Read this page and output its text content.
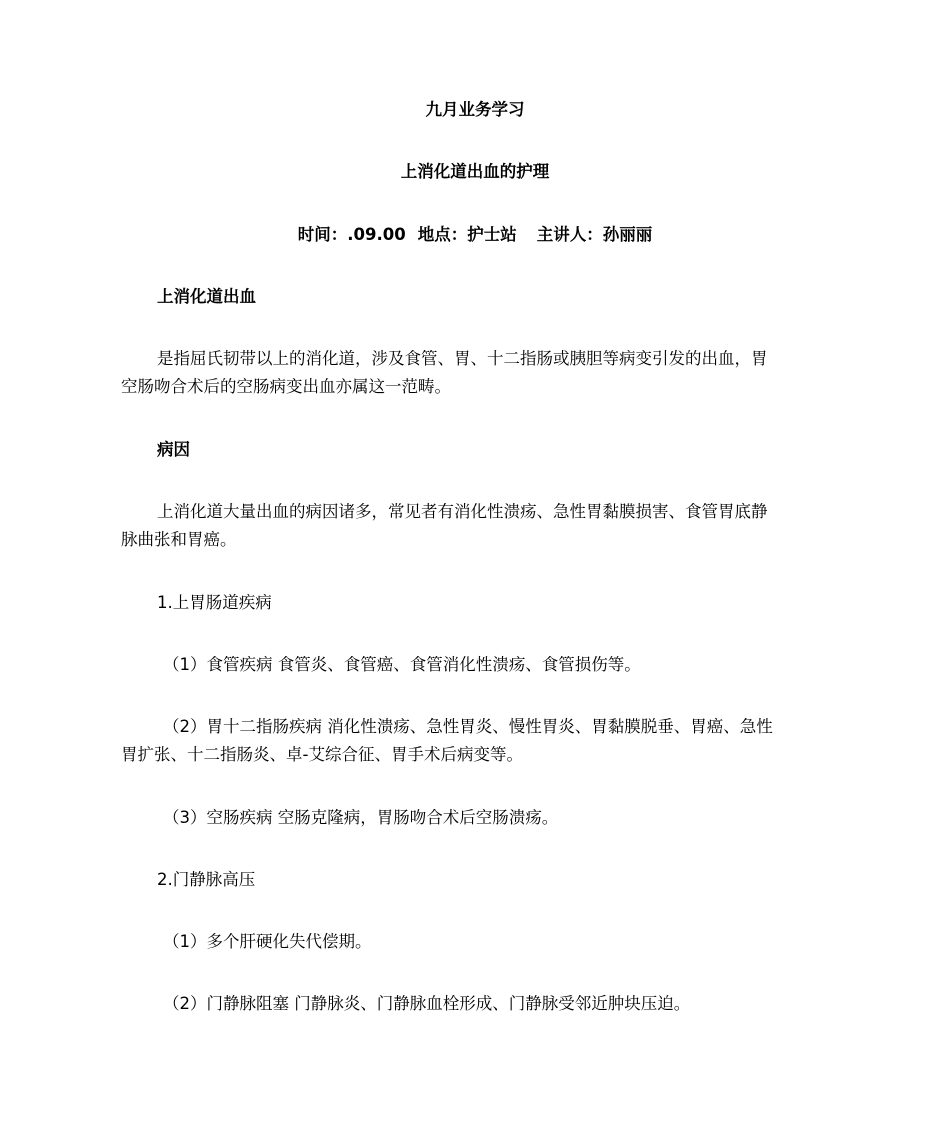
九月业务学习
上消化道出血的护理
时间：.09.00 地点：护士站 主讲人：孙丽丽
上消化道出血
是指屈氏韧带以上的消化道，涉及食管、胃、十二指肠或胰胆等病变引发的出血，胃
空肠吻合术后的空肠病变出血亦属这一范畴。
病因
上消化道大量出血的病因诸多，常见者有消化性溃疡、急性胃黏膜损害、食管胃底静
脉曲张和胃癌。
1.上胃肠道疾病
（1）食管疾病 食管炎、食管癌、食管消化性溃疡、食管损伤等。
（2）胃十二指肠疾病 消化性溃疡、急性胃炎、慢性胃炎、胃黏膜脱垂、胃癌、急性
胃扩张、十二指肠炎、卓-艾综合征、胃手术后病变等。
（3）空肠疾病 空肠克隆病，胃肠吻合术后空肠溃疡。
2.门静脉高压
（1）多个肝硬化失代偿期。
（2）门静脉阻塞 门静脉炎、门静脉血栓形成、门静脉受邻近肿块压迫。
